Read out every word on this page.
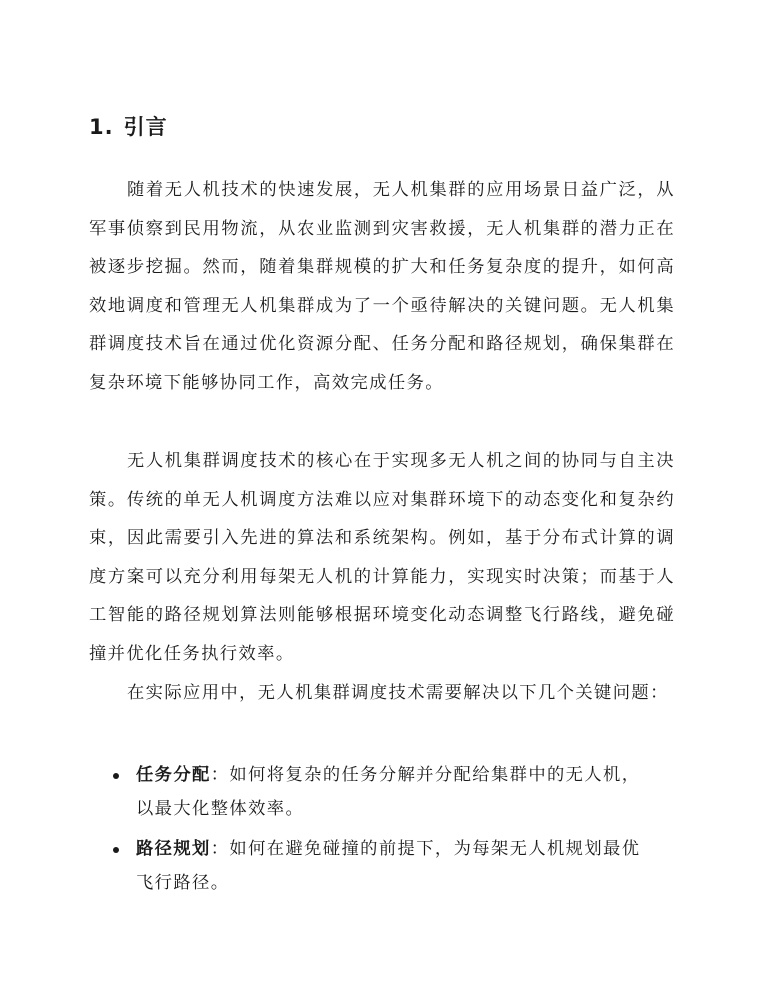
1. 引言

随着无人机技术的快速发展，无人机集群的应用场景日益广泛，从军事侦察到民用物流，从农业监测到灾害救援，无人机集群的潜力正在被逐步挖掘。然而，随着集群规模的扩大和任务复杂度的提升，如何高效地调度和管理无人机集群成为了一个亟待解决的关键问题。无人机集群调度技术旨在通过优化资源分配、任务分配和路径规划，确保集群在复杂环境下能够协同工作，高效完成任务。

无人机集群调度技术的核心在于实现多无人机之间的协同与自主决策。传统的单无人机调度方法难以应对集群环境下的动态变化和复杂约束，因此需要引入先进的算法和系统架构。例如，基于分布式计算的调度方案可以充分利用每架无人机的计算能力，实现实时决策；而基于人工智能的路径规划算法则能够根据环境变化动态调整飞行路线，避免碰撞并优化任务执行效率。

在实际应用中，无人机集群调度技术需要解决以下几个关键问题：

任务分配：如何将复杂的任务分解并分配给集群中的无人机，以最大化整体效率。
路径规划：如何在避免碰撞的前提下，为每架无人机规划最优飞行路径。
